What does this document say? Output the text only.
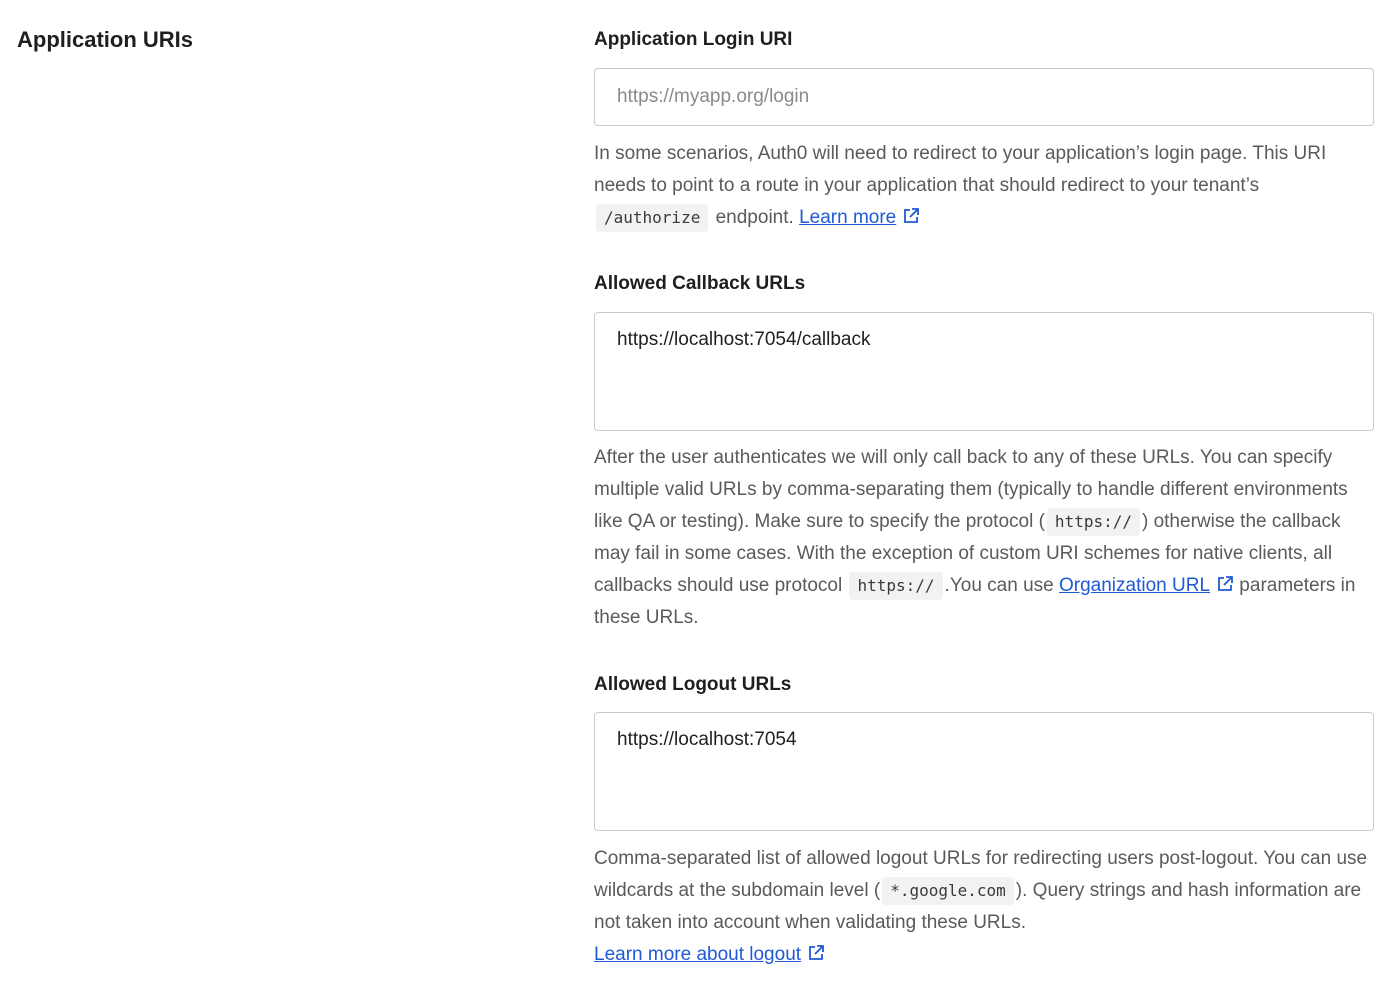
Application URIs	Application Login URI
https://myapp.org/login
In some scenarios, Auth0 will need to redirect to your application’s login page. This URI needs to point to a route in your application that should redirect to your tenant’s /authorize endpoint. Learn more
Allowed Callback URLs
https://localhost:7054/callback
After the user authenticates we will only call back to any of these URLs. You can specify multiple valid URLs by comma-separating them (typically to handle different environments like QA or testing). Make sure to specify the protocol ( https:// ) otherwise the callback may fail in some cases. With the exception of custom URI schemes for native clients, all callbacks should use protocol https:// .You can use Organization URL parameters in these URLs.
Allowed Logout URLs
https://localhost:7054
Comma-separated list of allowed logout URLs for redirecting users post-logout. You can use wildcards at the subdomain level ( *.google.com ). Query strings and hash information are not taken into account when validating these URLs.
Learn more about logout
